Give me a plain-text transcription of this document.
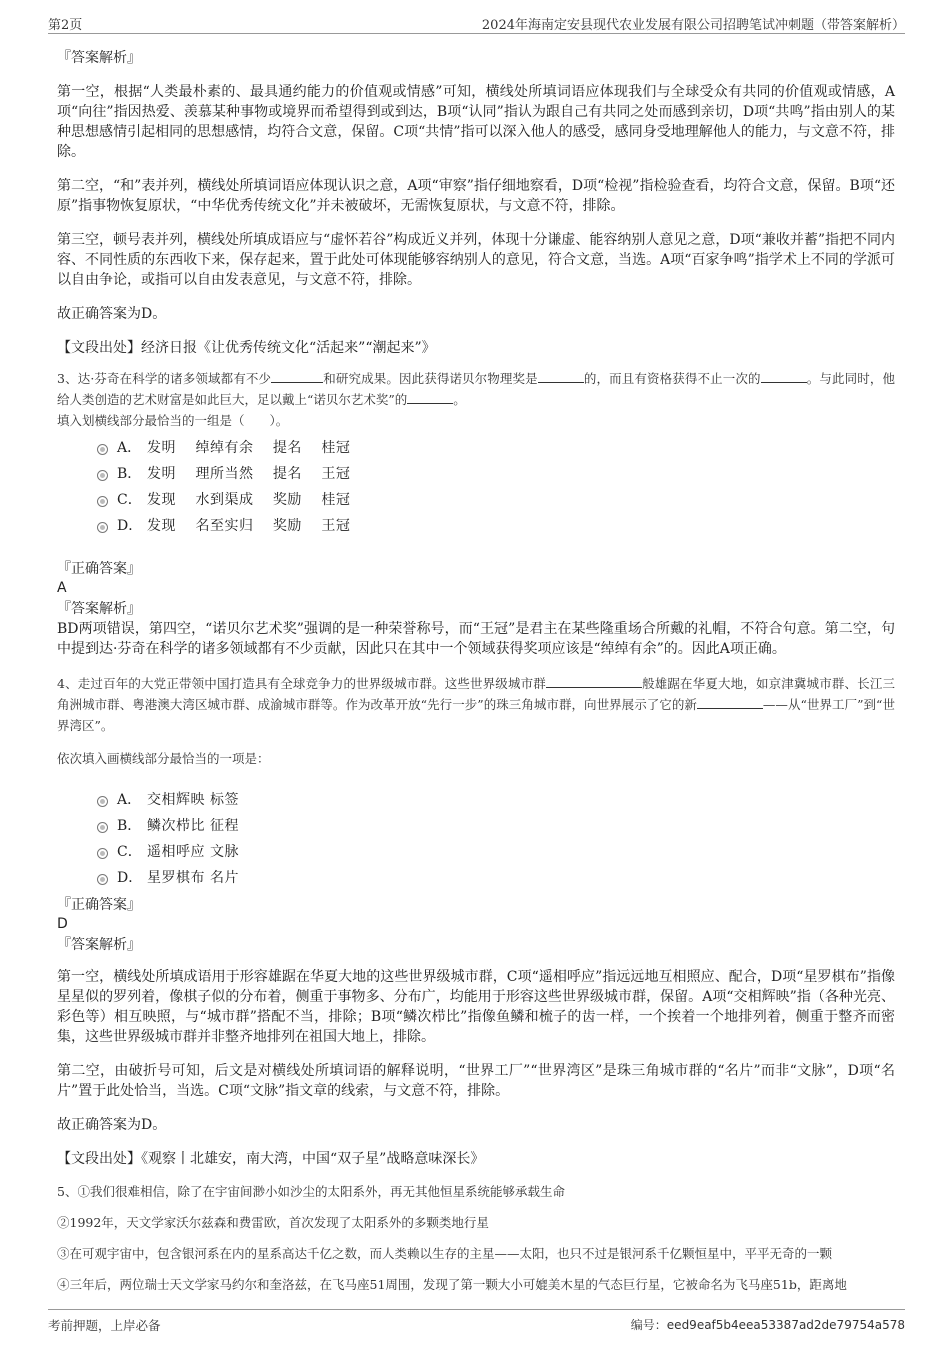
第2页	2024年海南定安县现代农业发展有限公司招聘笔试冲刺题（带答案解析）
『答案解析』
第一空，根据“人类最朴素的、最具通约能力的价值观或情感”可知，横线处所填词语应体现我们与全球受众有共同的价值观或情感，A项“向往”指因热爱、羡慕某种事物或境界而希望得到或到达，B项“认同”指认为跟自己有共同之处而感到亲切，D项“共鸣”指由别人的某种思想感情引起相同的思想感情，均符合文意，保留。C项“共情”指可以深入他人的感受，感同身受地理解他人的能力，与文意不符，排除。
第二空，“和”表并列，横线处所填词语应体现认识之意，A项“审察”指仔细地察看，D项“检视”指检验查看，均符合文意，保留。B项“还原”指事物恢复原状，“中华优秀传统文化”并未被破坏，无需恢复原状，与文意不符，排除。
第三空，顿号表并列，横线处所填成语应与“虚怀若谷”构成近义并列，体现十分谦虚、能容纳别人意见之意，D项“兼收并蓄”指把不同内容、不同性质的东西收下来，保存起来，置于此处可体现能够容纳别人的意见，符合文意，当选。A项“百家争鸣”指学术上不同的学派可以自由争论，或指可以自由发表意见，与文意不符，排除。
故正确答案为D。
【文段出处】经济日报《让优秀传统文化“活起来”“潮起来”》
3、达·芬奇在科学的诸多领域都有不少	和研究成果。因此获得诺贝尔物理奖是	的，而且有资格获得不止一次的	。与此同时，他给人类创造的艺术财富是如此巨大，足以戴上“诺贝尔艺术奖”的	。
填入划横线部分最恰当的一组是（　　）。
A． 发明　 绰绰有余　 提名　 桂冠
B． 发明　 理所当然　 提名　 王冠
C． 发现　 水到渠成　 奖励　 桂冠
D． 发现　 名至实归　 奖励　 王冠
『正确答案』
A
『答案解析』
BD两项错误，第四空，“诺贝尔艺术奖”强调的是一种荣誉称号，而“王冠”是君主在某些隆重场合所戴的礼帽，不符合句意。第二空，句中提到达·芬奇在科学的诸多领域都有不少贡献，因此只在其中一个领域获得奖项应该是“绰绰有余”的。因此A项正确。
4、走过百年的大党正带领中国打造具有全球竞争力的世界级城市群。这些世界级城市群	般雄踞在华夏大地，如京津冀城市群、长江三角洲城市群、粤港澳大湾区城市群、成渝城市群等。作为改革开放“先行一步”的珠三角城市群，向世界展示了它的新	——从“世界工厂”到“世界湾区”。
依次填入画横线部分最恰当的一项是：
A． 交相辉映 标签
B． 鳞次栉比 征程
C． 遥相呼应 文脉
D． 星罗棋布 名片
『正确答案』
D
『答案解析』
第一空，横线处所填成语用于形容雄踞在华夏大地的这些世界级城市群，C项“遥相呼应”指远远地互相照应、配合，D项“星罗棋布”指像星星似的罗列着，像棋子似的分布着，侧重于事物多、分布广，均能用于形容这些世界级城市群，保留。A项“交相辉映”指（各种光亮、彩色等）相互映照，与“城市群”搭配不当，排除；B项“鳞次栉比”指像鱼鳞和梳子的齿一样，一个挨着一个地排列着，侧重于整齐而密集，这些世界级城市群并非整齐地排列在祖国大地上，排除。
第二空，由破折号可知，后文是对横线处所填词语的解释说明，“世界工厂”“世界湾区”是珠三角城市群的“名片”而非“文脉”，D项“名片”置于此处恰当，当选。C项“文脉”指文章的线索，与文意不符，排除。
故正确答案为D。
【文段出处】《观察丨北雄安，南大湾，中国“双子星”战略意味深长》
5、①我们很难相信，除了在宇宙间渺小如沙尘的太阳系外，再无其他恒星系统能够承载生命
②1992年，天文学家沃尔兹森和费雷欧，首次发现了太阳系外的多颗类地行星
③在可观宇宙中，包含银河系在内的星系高达千亿之数，而人类赖以生存的主星——太阳，也只不过是银河系千亿颗恒星中，平平无奇的一颗
④三年后，两位瑞士天文学家马约尔和奎洛兹，在飞马座51周围，发现了第一颗大小可媲美木星的气态巨行星，它被命名为飞马座51b，距离地
考前押题，上岸必备	编号：eed9eaf5b4eea53387ad2de79754a578
